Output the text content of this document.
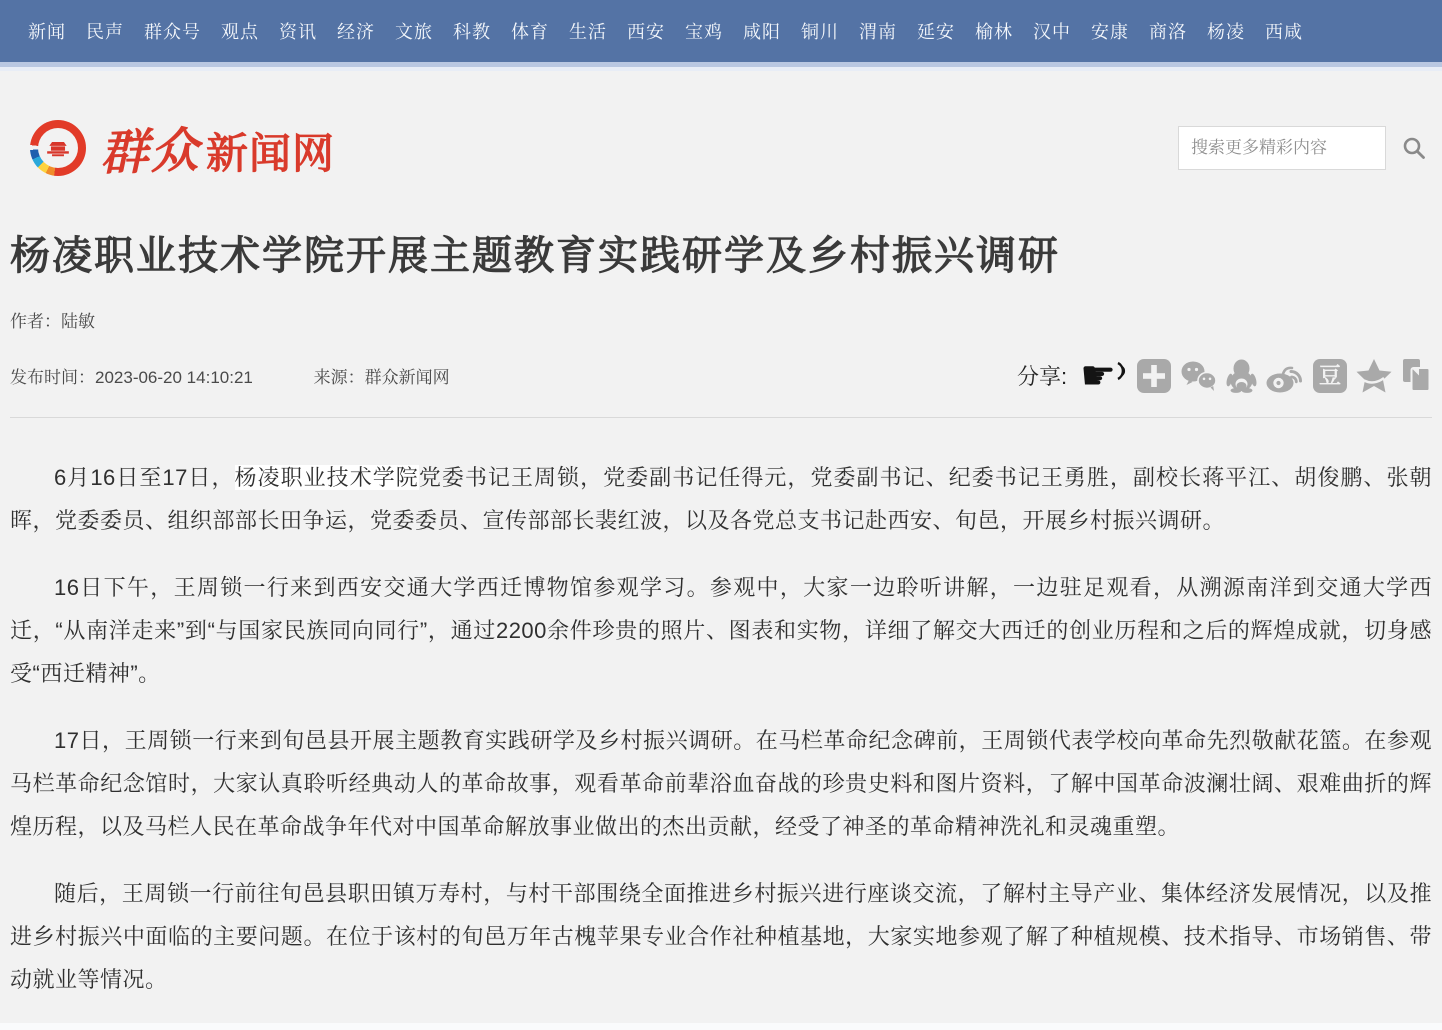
新闻	民声	群众号	观点	资讯	经济	文旅	科教	体育	生活	西安	宝鸡	咸阳	铜川	渭南	延安	榆林	汉中	安康	商洛	杨凌	西咸
群众 新闻网
搜索更多精彩内容
杨凌职业技术学院开展主题教育实践研学及乡村振兴调研
作者：陆敏
发布时间：2023-06-20 14:10:21	来源：群众新闻网	分享: ☛	豆

6月16日至17日，杨凌职业技术学院党委书记王周锁，党委副书记任得元，党委副书记、纪委书记王勇胜，副校长蒋平江、胡俊鹏、张朝晖，党委委员、组织部部长田争运，党委委员、宣传部部长裴红波，以及各党总支书记赴西安、旬邑，开展乡村振兴调研。

16日下午，王周锁一行来到西安交通大学西迁博物馆参观学习。参观中，大家一边聆听讲解，一边驻足观看，从溯源南洋到交通大学西迁，“从南洋走来”到“与国家民族同向同行”，通过2200余件珍贵的照片、图表和实物，详细了解交大西迁的创业历程和之后的辉煌成就，切身感受“西迁精神”。

17日，王周锁一行来到旬邑县开展主题教育实践研学及乡村振兴调研。在马栏革命纪念碑前，王周锁代表学校向革命先烈敬献花篮。在参观马栏革命纪念馆时，大家认真聆听经典动人的革命故事，观看革命前辈浴血奋战的珍贵史料和图片资料，了解中国革命波澜壮阔、艰难曲折的辉煌历程，以及马栏人民在革命战争年代对中国革命解放事业做出的杰出贡献，经受了神圣的革命精神洗礼和灵魂重塑。

随后，王周锁一行前往旬邑县职田镇万寿村，与村干部围绕全面推进乡村振兴进行座谈交流，了解村主导产业、集体经济发展情况，以及推进乡村振兴中面临的主要问题。在位于该村的旬邑万年古槐苹果专业合作社种植基地，大家实地参观了解了种植规模、技术指导、市场销售、带动就业等情况。
